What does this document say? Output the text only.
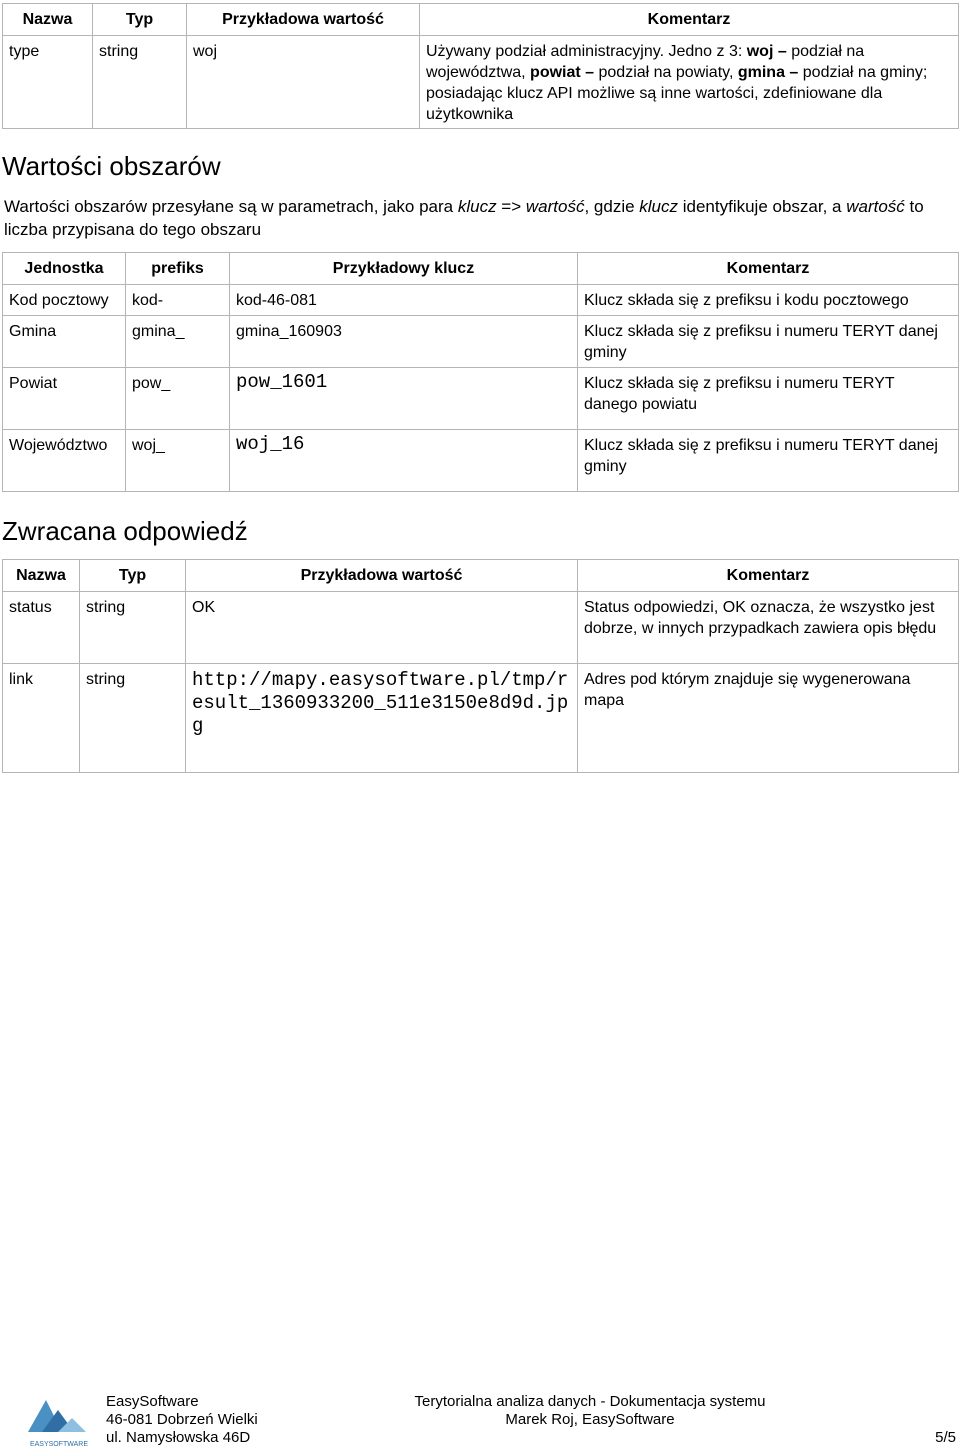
Nazwa	Typ	Przykładowa wartość	Komentarz
type	string	woj	Używany podział administracyjny. Jedno z 3: woj – podział na województwa, powiat – podział na powiaty, gmina – podział na gminy; posiadając klucz API możliwe są inne wartości, zdefiniowane dla użytkownika
Wartości obszarów

Wartości obszarów przesyłane są w parametrach, jako para klucz => wartość, gdzie klucz identyfikuje obszar, a wartość to liczba przypisana do tego obszaru

Jednostka	prefiks	Przykładowy klucz	Komentarz
Kod pocztowy	kod-	kod-46-081	Klucz składa się z prefiksu i kodu pocztowego
Gmina	gmina_	gmina_160903	Klucz składa się z prefiksu i numeru TERYT danej gminy
Powiat	pow_	pow_1601	Klucz składa się z prefiksu i numeru TERYT danego powiatu
Województwo	woj_	woj_16	Klucz składa się z prefiksu i numeru TERYT danej gminy
Zwracana odpowiedź
Nazwa	Typ	Przykładowa wartość	Komentarz
status	string	OK	Status odpowiedzi, OK oznacza, że wszystko jest dobrze, w innych przypadkach zawiera opis błędu
link	string	http://mapy.easysoftware.pl/tmp/result_1360933200_511e3150e8d9d.jpg	Adres pod którym znajduje się wygenerowana mapa
EASYSOFTWARE
EasySoftware
46-081 Dobrzeń Wielki
ul. Namysłowska 46D
Terytorialna analiza danych - Dokumentacja systemu
Marek Roj, EasySoftware
5/5
